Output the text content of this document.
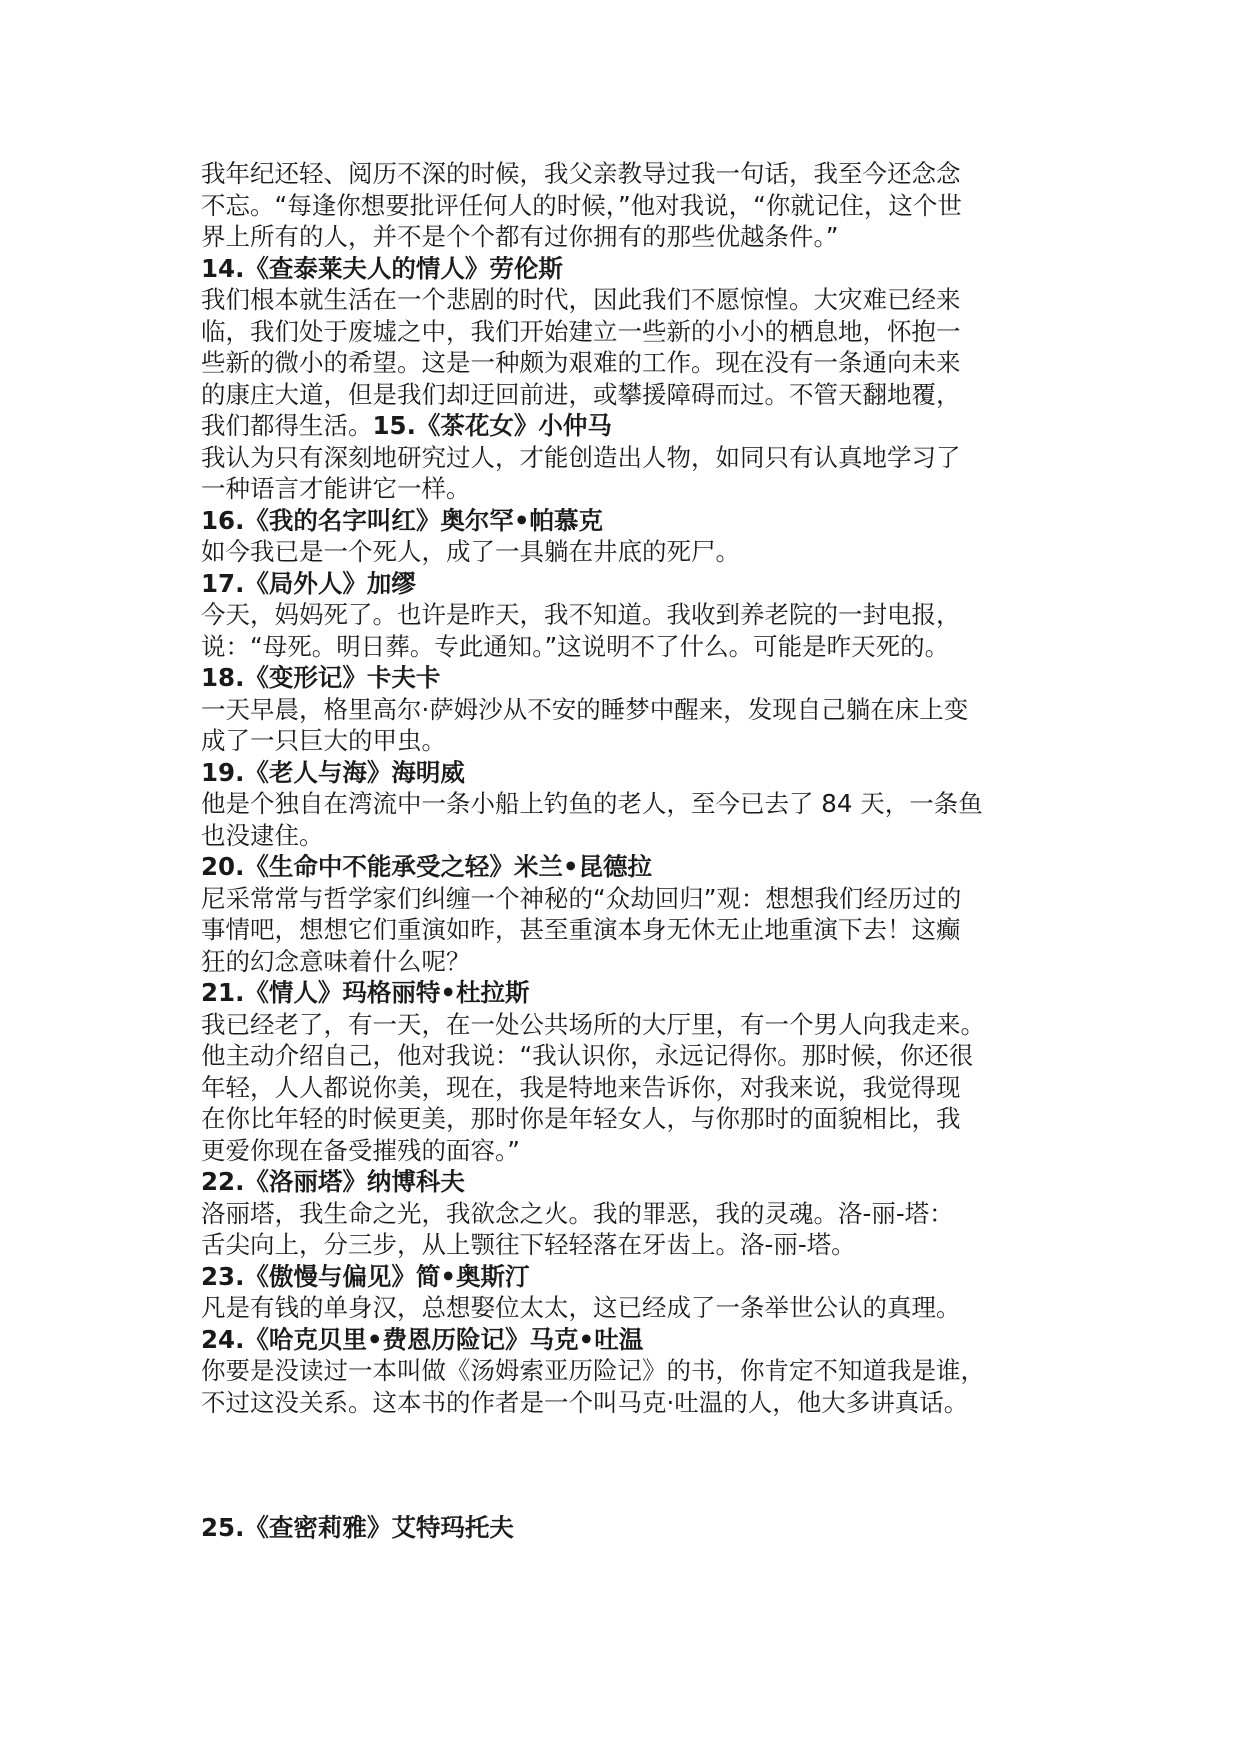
我年纪还轻、阅历不深的时候，我父亲教导过我一句话，我至今还念念
不忘。“每逢你想要批评任何人的时候，”他对我说，“你就记住，这个世
界上所有的人，并不是个个都有过你拥有的那些优越条件。”
14.《查泰莱夫人的情人》劳伦斯
我们根本就生活在一个悲剧的时代，因此我们不愿惊惶。大灾难已经来
临，我们处于废墟之中，我们开始建立一些新的小小的栖息地，怀抱一
些新的微小的希望。这是一种颇为艰难的工作。现在没有一条通向未来
的康庄大道，但是我们却迂回前进，或攀援障碍而过。不管天翻地覆，
我们都得生活。15.《茶花女》小仲马
我认为只有深刻地研究过人，才能创造出人物，如同只有认真地学习了
一种语言才能讲它一样。
16.《我的名字叫红》奥尔罕•帕慕克
如今我已是一个死人，成了一具躺在井底的死尸。
17.《局外人》加缪
今天，妈妈死了。也许是昨天，我不知道。我收到养老院的一封电报，
说：“母死。明日葬。专此通知。”这说明不了什么。可能是昨天死的。
18.《变形记》卡夫卡
一天早晨，格里高尔·萨姆沙从不安的睡梦中醒来，发现自己躺在床上变
成了一只巨大的甲虫。
19.《老人与海》海明威
他是个独自在湾流中一条小船上钓鱼的老人，至今已去了 84 天，一条鱼
也没逮住。
20.《生命中不能承受之轻》米兰•昆德拉
尼采常常与哲学家们纠缠一个神秘的“众劫回归”观：想想我们经历过的
事情吧，想想它们重演如昨，甚至重演本身无休无止地重演下去！这癫
狂的幻念意味着什么呢？
21.《情人》玛格丽特•杜拉斯
我已经老了，有一天，在一处公共场所的大厅里，有一个男人向我走来。
他主动介绍自己，他对我说：“我认识你，永远记得你。那时候，你还很
年轻，人人都说你美，现在，我是特地来告诉你，对我来说，我觉得现
在你比年轻的时候更美，那时你是年轻女人，与你那时的面貌相比，我
更爱你现在备受摧残的面容。”
22.《洛丽塔》纳博科夫
洛丽塔，我生命之光，我欲念之火。我的罪恶，我的灵魂。洛-丽-塔：
舌尖向上，分三步，从上颚往下轻轻落在牙齿上。洛-丽-塔。
23.《傲慢与偏见》简•奥斯汀
凡是有钱的单身汉，总想娶位太太，这已经成了一条举世公认的真理。
24.《哈克贝里•费恩历险记》马克•吐温
你要是没读过一本叫做《汤姆索亚历险记》的书，你肯定不知道我是谁，
不过这没关系。这本书的作者是一个叫马克·吐温的人，他大多讲真话。
25.《查密莉雅》艾特玛托夫
